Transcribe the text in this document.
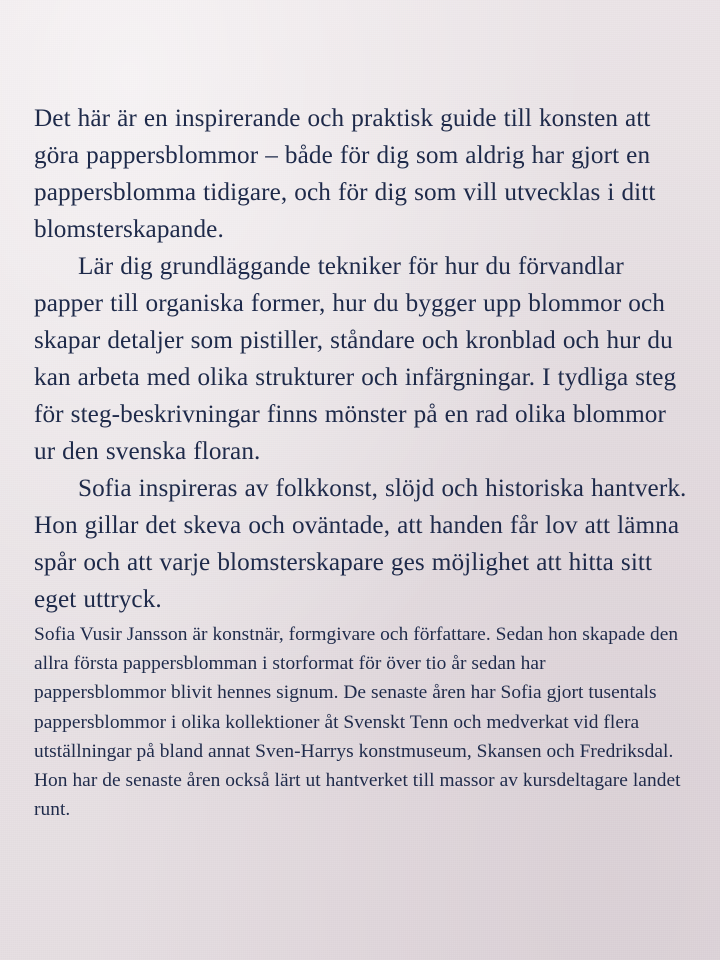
Det här är en inspirerande och praktisk guide till konsten att göra pappersblommor – både för dig som aldrig har gjort en pappersblomma tidigare, och för dig som vill utvecklas i ditt blomsterskapande.

Lär dig grundläggande tekniker för hur du förvandlar papper till organiska former, hur du bygger upp blommor och skapar detaljer som pistiller, ståndare och kronblad och hur du kan arbeta med olika strukturer och infärgningar. I tydliga steg för steg-beskrivningar finns mönster på en rad olika blommor ur den svenska floran.

Sofia inspireras av folkkonst, slöjd och historiska hantverk. Hon gillar det skeva och oväntade, att handen får lov att lämna spår och att varje blomsterskapare ges möjlighet att hitta sitt eget uttryck.

Sofia Vusir Jansson är konstnär, formgivare och författare. Sedan hon skapade den allra första pappersblomman i storformat för över tio år sedan har pappersblommor blivit hennes signum. De senaste åren har Sofia gjort tusentals pappersblommor i olika kollektioner åt Svenskt Tenn och medverkat vid flera utställningar på bland annat Sven-Harrys konstmuseum, Skansen och Fredriksdal. Hon har de senaste åren också lärt ut hantverket till massor av kursdeltagare landet runt.
